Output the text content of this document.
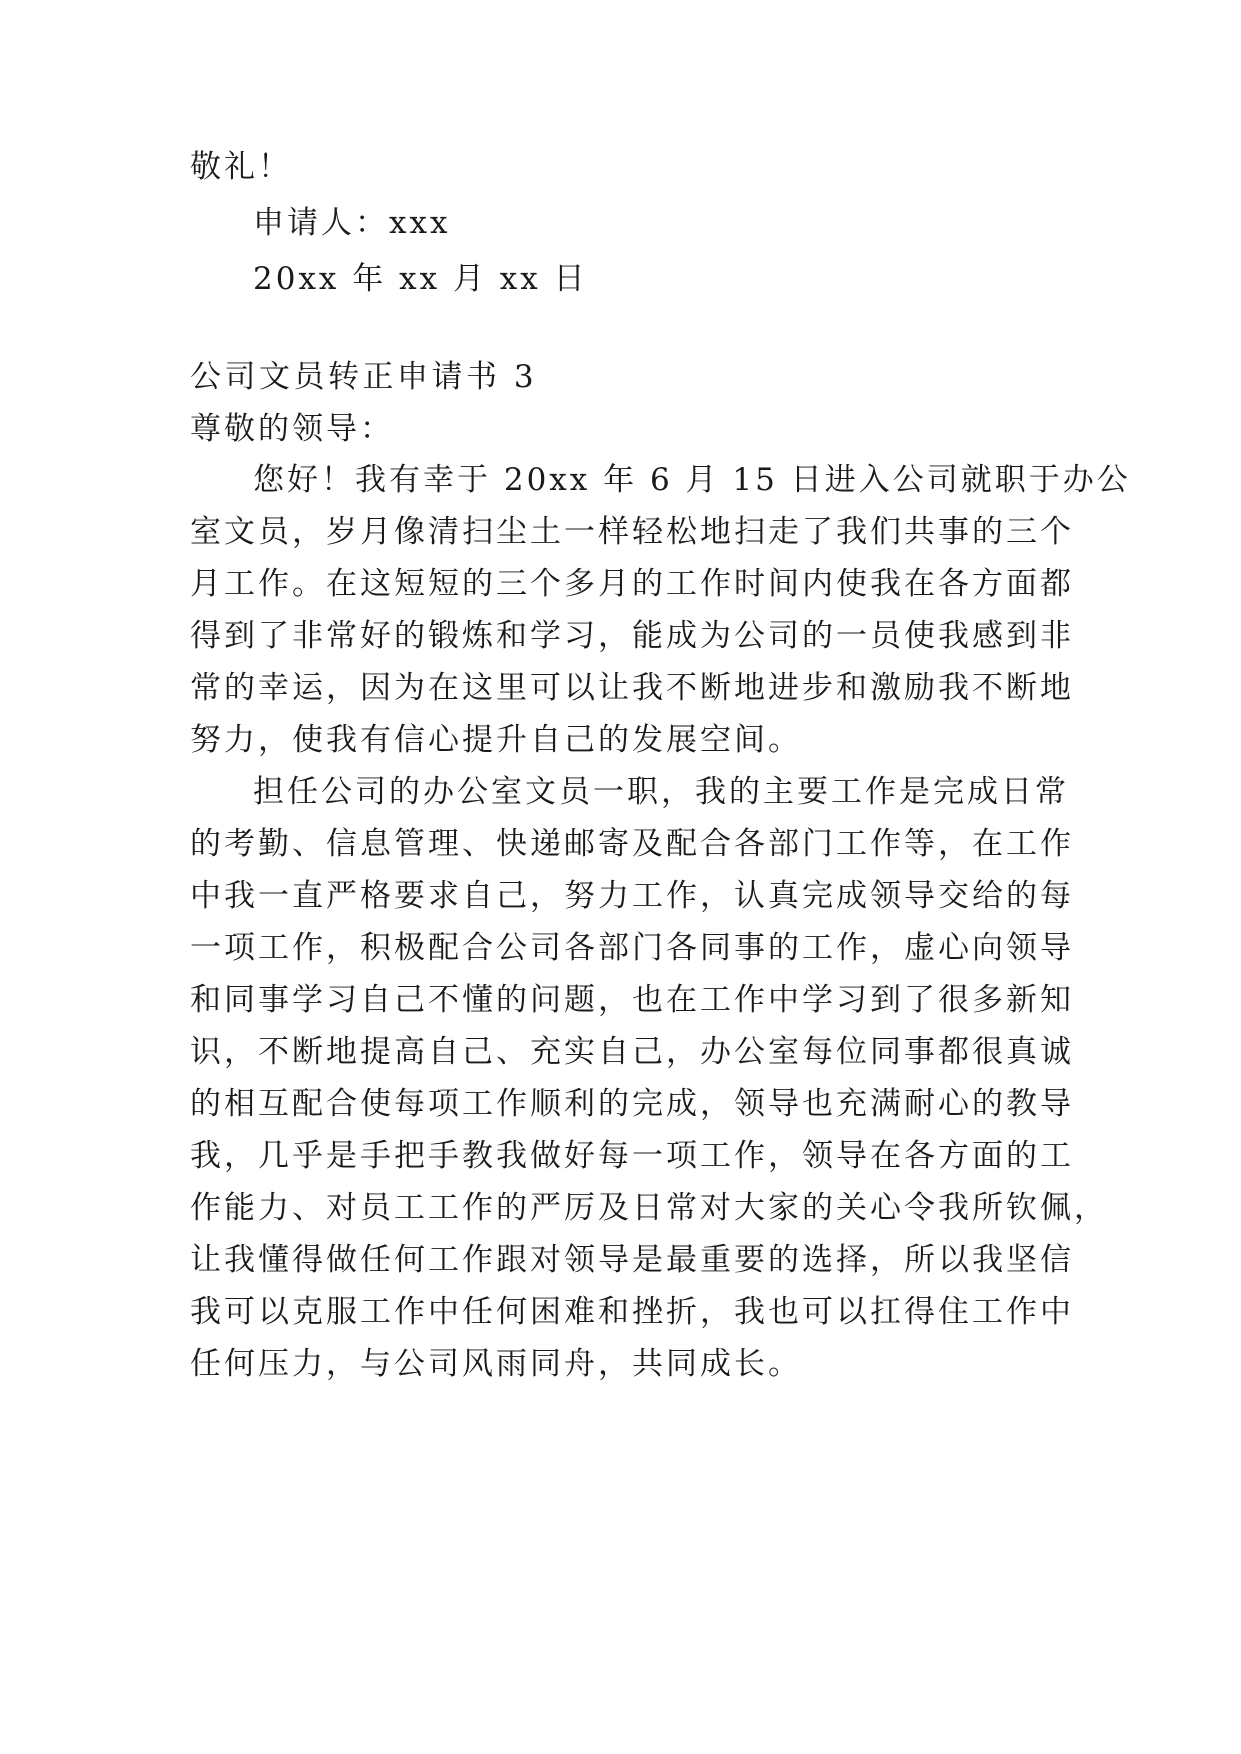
敬礼！
申请人：xxx
20xx 年 xx 月 xx 日
公司文员转正申请书 3
尊敬的领导：
您好！我有幸于 20xx 年 6 月 15 日进入公司就职于办公
室文员，岁月像清扫尘土一样轻松地扫走了我们共事的三个
月工作。在这短短的三个多月的工作时间内使我在各方面都
得到了非常好的锻炼和学习，能成为公司的一员使我感到非
常的幸运，因为在这里可以让我不断地进步和激励我不断地
努力，使我有信心提升自己的发展空间。
担任公司的办公室文员一职，我的主要工作是完成日常
的考勤、信息管理、快递邮寄及配合各部门工作等，在工作
中我一直严格要求自己，努力工作，认真完成领导交给的每
一项工作，积极配合公司各部门各同事的工作，虚心向领导
和同事学习自己不懂的问题，也在工作中学习到了很多新知
识，不断地提高自己、充实自己，办公室每位同事都很真诚
的相互配合使每项工作顺利的完成，领导也充满耐心的教导
我，几乎是手把手教我做好每一项工作，领导在各方面的工
作能力、对员工工作的严厉及日常对大家的关心令我所钦佩，
让我懂得做任何工作跟对领导是最重要的选择，所以我坚信
我可以克服工作中任何困难和挫折，我也可以扛得住工作中
任何压力，与公司风雨同舟，共同成长。
